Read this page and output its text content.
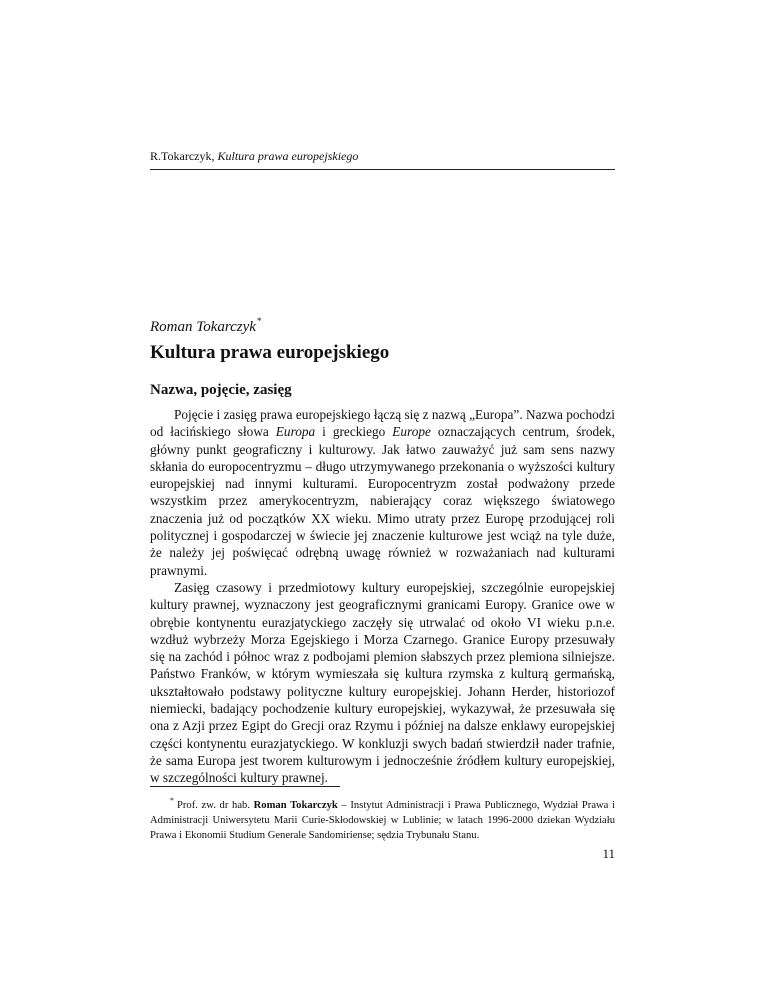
R.Tokarczyk, Kultura prawa europejskiego
Roman Tokarczyk*
Kultura prawa europejskiego
Nazwa, pojęcie, zasięg

Pojęcie i zasięg prawa europejskiego łączą się z nazwą „Europa”. Nazwa pochodzi od łacińskiego słowa Europa i greckiego Europe oznaczających centrum, środek, główny punkt geograficzny i kulturowy. Jak łatwo zauważyć już sam sens nazwy skłania do europocentryzmu – długo utrzymywanego przekonania o wyższości kultury europejskiej nad innymi kulturami. Europocentryzm został podważony przede wszystkim przez amerykocentryzm, nabierający coraz większego światowego znaczenia już od początków XX wieku. Mimo utraty przez Europę przodującej roli politycznej i gospodarczej w świecie jej znaczenie kulturowe jest wciąż na tyle duże, że należy jej poświęcać odrębną uwagę również w rozważaniach nad kulturami prawnymi.

Zasięg czasowy i przedmiotowy kultury europejskiej, szczególnie europejskiej kultury prawnej, wyznaczony jest geograficznymi granicami Europy. Granice owe w obrębie kontynentu eurazjatyckiego zaczęły się utrwalać od około VI wieku p.n.e. wzdłuż wybrzeży Morza Egejskiego i Morza Czarnego. Granice Europy przesuwały się na zachód i północ wraz z podbojami plemion słabszych przez plemiona silniejsze. Państwo Franków, w którym wymieszała się kultura rzymska z kulturą germańską, ukształtowało podstawy polityczne kultury europejskiej. Johann Herder, historiozof niemiecki, badający pochodzenie kultury europejskiej, wykazywał, że przesuwała się ona z Azji przez Egipt do Grecji oraz Rzymu i później na dalsze enklawy europejskiej części kontynentu eurazjatyckiego. W konkluzji swych badań stwierdził nader trafnie, że sama Europa jest tworem kulturowym i jednocześnie źródłem kultury europejskiej, w szczególności kultury prawnej.

* Prof. zw. dr hab. Roman Tokarczyk – Instytut Administracji i Prawa Publicznego, Wydział Prawa i Administracji Uniwersytetu Marii Curie-Skłodowskiej w Lublinie; w latach 1996-2000 dziekan Wydziału Prawa i Ekonomii Studium Generale Sandomiriense; sędzia Trybunału Stanu.
11
